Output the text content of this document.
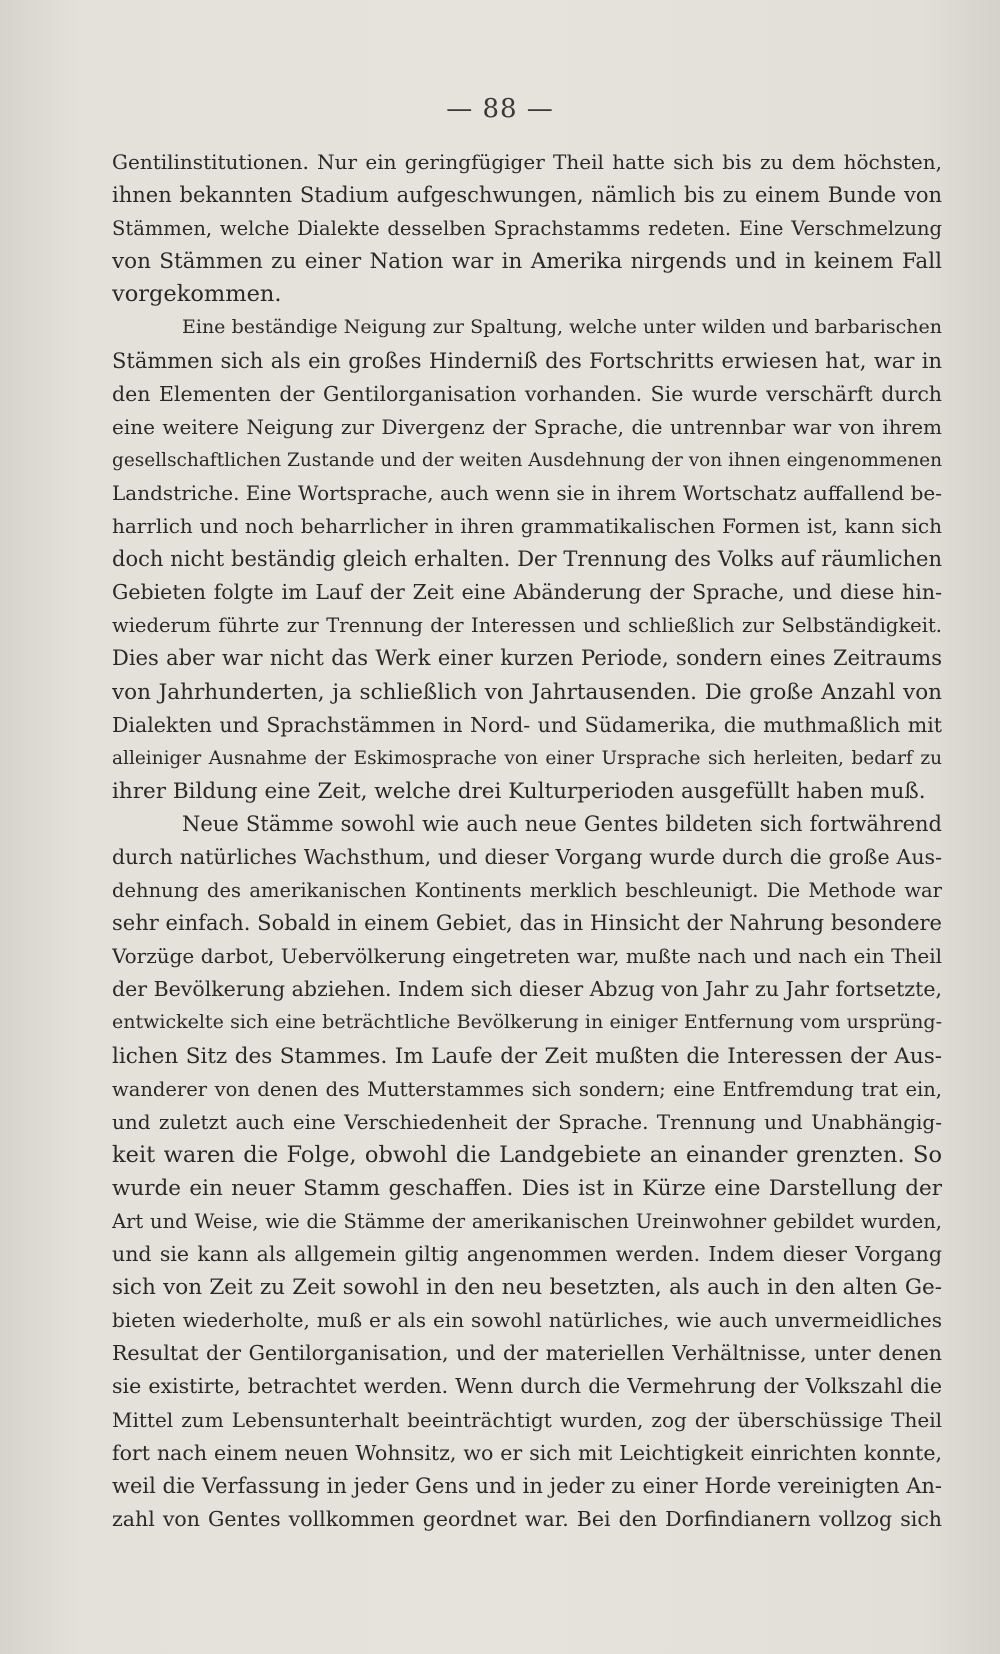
— 88 —
Gentilinstitutionen. Nur ein geringfügiger Theil hatte sich bis zu dem höchsten,
ihnen bekannten Stadium aufgeschwungen, nämlich bis zu einem Bunde von
Stämmen, welche Dialekte desselben Sprachstamms redeten. Eine Verschmelzung
von Stämmen zu einer Nation war in Amerika nirgends und in keinem Fall
vorgekommen.
Eine beständige Neigung zur Spaltung, welche unter wilden und barbarischen
Stämmen sich als ein großes Hinderniß des Fortschritts erwiesen hat, war in
den Elementen der Gentilorganisation vorhanden. Sie wurde verschärft durch
eine weitere Neigung zur Divergenz der Sprache, die untrennbar war von ihrem
gesellschaftlichen Zustande und der weiten Ausdehnung der von ihnen eingenommenen
Landstriche. Eine Wortsprache, auch wenn sie in ihrem Wortschatz auffallend be-
harrlich und noch beharrlicher in ihren grammatikalischen Formen ist, kann sich
doch nicht beständig gleich erhalten. Der Trennung des Volks auf räumlichen
Gebieten folgte im Lauf der Zeit eine Abänderung der Sprache, und diese hin-
wiederum führte zur Trennung der Interessen und schließlich zur Selbständigkeit.
Dies aber war nicht das Werk einer kurzen Periode, sondern eines Zeitraums
von Jahrhunderten, ja schließlich von Jahrtausenden. Die große Anzahl von
Dialekten und Sprachstämmen in Nord- und Südamerika, die muthmaßlich mit
alleiniger Ausnahme der Eskimosprache von einer Ursprache sich herleiten, bedarf zu
ihrer Bildung eine Zeit, welche drei Kulturperioden ausgefüllt haben muß.
Neue Stämme sowohl wie auch neue Gentes bildeten sich fortwährend
durch natürliches Wachsthum, und dieser Vorgang wurde durch die große Aus-
dehnung des amerikanischen Kontinents merklich beschleunigt. Die Methode war
sehr einfach. Sobald in einem Gebiet, das in Hinsicht der Nahrung besondere
Vorzüge darbot, Uebervölkerung eingetreten war, mußte nach und nach ein Theil
der Bevölkerung abziehen. Indem sich dieser Abzug von Jahr zu Jahr fortsetzte,
entwickelte sich eine beträchtliche Bevölkerung in einiger Entfernung vom ursprüng-
lichen Sitz des Stammes. Im Laufe der Zeit mußten die Interessen der Aus-
wanderer von denen des Mutterstammes sich sondern; eine Entfremdung trat ein,
und zuletzt auch eine Verschiedenheit der Sprache. Trennung und Unabhängig-
keit waren die Folge, obwohl die Landgebiete an einander grenzten. So
wurde ein neuer Stamm geschaffen. Dies ist in Kürze eine Darstellung der
Art und Weise, wie die Stämme der amerikanischen Ureinwohner gebildet wurden,
und sie kann als allgemein giltig angenommen werden. Indem dieser Vorgang
sich von Zeit zu Zeit sowohl in den neu besetzten, als auch in den alten Ge-
bieten wiederholte, muß er als ein sowohl natürliches, wie auch unvermeidliches
Resultat der Gentilorganisation, und der materiellen Verhältnisse, unter denen
sie existirte, betrachtet werden. Wenn durch die Vermehrung der Volkszahl die
Mittel zum Lebensunterhalt beeinträchtigt wurden, zog der überschüssige Theil
fort nach einem neuen Wohnsitz, wo er sich mit Leichtigkeit einrichten konnte,
weil die Verfassung in jeder Gens und in jeder zu einer Horde vereinigten An-
zahl von Gentes vollkommen geordnet war. Bei den Dorfindianern vollzog sich
